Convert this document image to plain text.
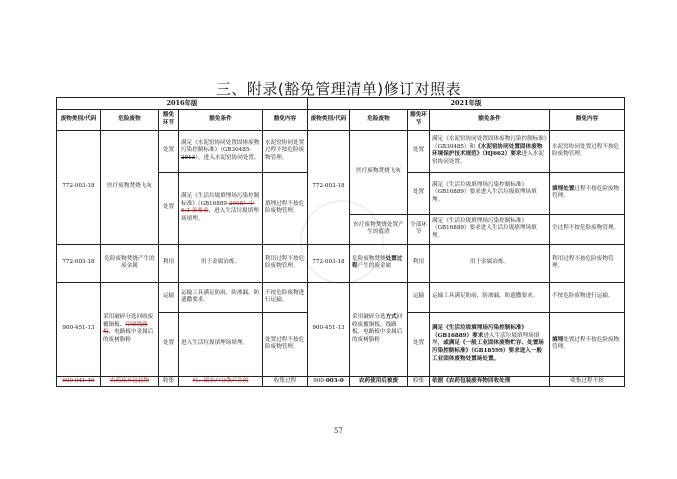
三、附录(豁免管理清单)修订对照表
2016年版					2021年版				
废物类别/代码	危险废物	豁免环节	豁免条件	豁免内容	废物类别/代码	危险废物	豁免环节	豁免条件	豁免内容
772-003-18	医疗废物焚烧飞灰	处置	满足《水泥窑协同处置固体废物污染控制标准》（GB30485-2013），进入水泥窑协同处置。	水泥窑协同处置过程不按危险废物管理。	772-003-18	医疗废物焚烧飞灰	处置	满足《水泥窑协同处置固体废物污染控制标准》（GB30485）和《水泥窑协同处置固体废物环境保护技术规范》（HJ662）要求进入水泥窑协同处置。	水泥窑协同处置过程不按危险废物管理。
		处置	满足《生活垃圾填埋场污染控制标准》（GB16889-2008）中 6.3 条要求，进入生活垃圾填埋场填埋。	填埋过程不按危险废物管理。			处置	满足《生活垃圾填埋场污染控制标准》（GB16889）要求进入生活垃圾填埋场填埋。	填埋处置过程不按危险废物管理。
						医疗废物焚烧处置产生的底渣	全部环节	满足《生活垃圾填埋场污染控制标准》（GB16889）要求进入生活垃圾填埋场填埋。	全过程不按危险废物管理。
772-003-18	危险废物焚烧产生的废金属	利用	用于金属冶炼。	利用过程不按危险废物管理。	772-003-18	危险废物焚烧处置过程产生的废金属	利用	用于金属冶炼。	利用过程不按危险废物管理。
900-451-13	采用破碎分选回收废覆铜板、印刷线路板、电路板中金属后的废树脂粉	运输	运输工具满足防雨、防渗漏、防遗撒要求。	不按危险废物进行运输。	900-451-13	采用破碎分选方式回收废覆铜板、线路板、电路板中金属后的废树脂粉	运输	运输工具满足防雨、防渗漏、防遗撒要求。	不按危险废物进行运输。
		处置	进入生活垃圾填埋场填埋。	处置过程不按危险废物管理。			处置	满足《生活垃圾填埋场污染控制标准》（GB16889）要求进入生活垃圾填埋场填埋，或满足《一般工业固体废物贮存、处置场污染控制标准》（GB18599）要求进入一般工业固体废物处置场处置。	填埋处置过程不按危险废物管理。
900-041-49	农药废弃包装物	收集	村、镇农户分散产生的	收集过程	900-003-0	农药使用后被废	收集	依据《农药包装废弃物回收处理	收集过程不按
57
